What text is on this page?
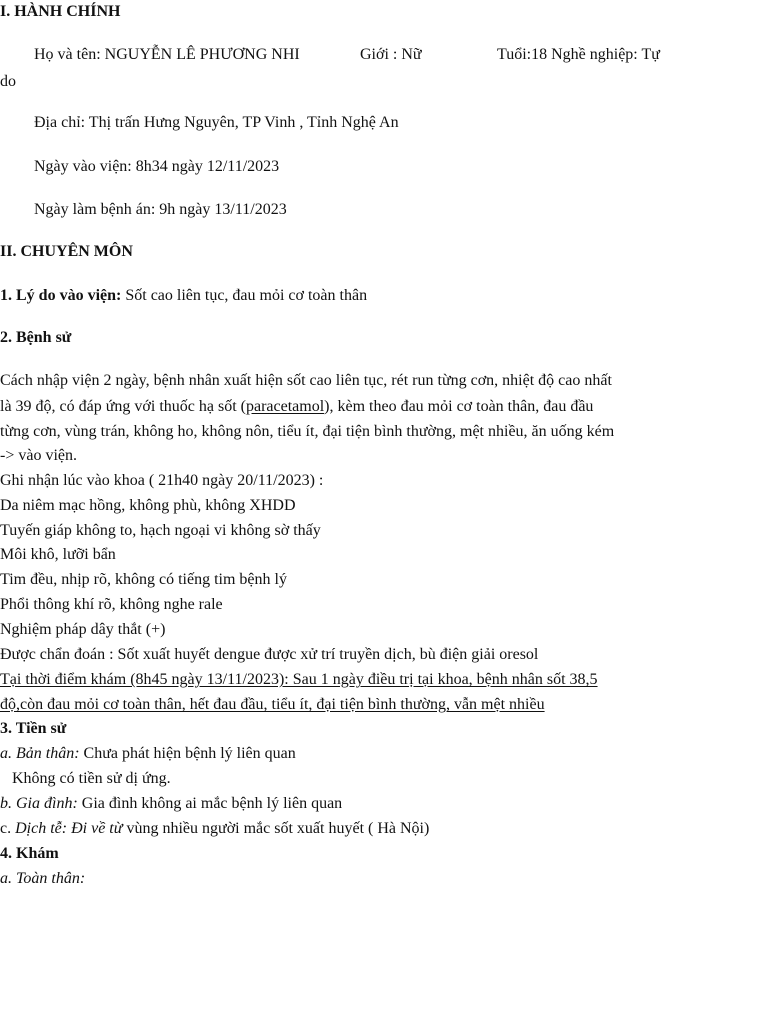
I. HÀNH CHÍNH
Họ và tên: NGUYỄN LÊ PHƯƠNG NHI	Giới : Nữ	Tuổi:18 Nghề nghiệp: Tự
do
Địa chỉ: Thị trấn Hưng Nguyên, TP Vinh , Tỉnh Nghệ An
Ngày vào viện: 8h34 ngày 12/11/2023
Ngày làm bệnh án: 9h ngày 13/11/2023
II. CHUYÊN MÔN
1. Lý do vào viện: Sốt cao liên tục, đau mỏi cơ toàn thân
2. Bệnh sử
Cách nhập viện 2 ngày, bệnh nhân xuất hiện sốt cao liên tục, rét run từng cơn, nhiệt độ cao nhất
là 39 độ, có đáp ứng với thuốc hạ sốt (paracetamol), kèm theo đau mỏi cơ toàn thân, đau đầu
từng cơn, vùng trán, không ho, không nôn, tiểu ít, đại tiện bình thường, mệt nhiều, ăn uống kém
-> vào viện.
Ghi nhận lúc vào khoa ( 21h40 ngày 20/11/2023) :
Da niêm mạc hồng, không phù, không XHDD
Tuyến giáp không to, hạch ngoại vi không sờ thấy
Môi khô, lưỡi bẩn
Tim đều, nhịp rõ, không có tiếng tim bệnh lý
Phổi thông khí rõ, không nghe rale
Nghiệm pháp dây thắt (+)
Được chẩn đoán : Sốt xuất huyết dengue được xử trí truyền dịch, bù điện giải oresol
Tại thời điểm khám (8h45 ngày 13/11/2023): Sau 1 ngày điều trị tại khoa, bệnh nhân sốt 38,5
độ,còn đau mỏi cơ toàn thân, hết đau đầu, tiểu ít, đại tiện bình thường, vẫn mệt nhiều
3. Tiền sử
a. Bản thân: Chưa phát hiện bệnh lý liên quan
Không có tiền sử dị ứng.
b. Gia đình: Gia đình không ai mắc bệnh lý liên quan
c. Dịch tễ: Đi về từ vùng nhiều người mắc sốt xuất huyết ( Hà Nội)
4. Khám
a. Toàn thân:
